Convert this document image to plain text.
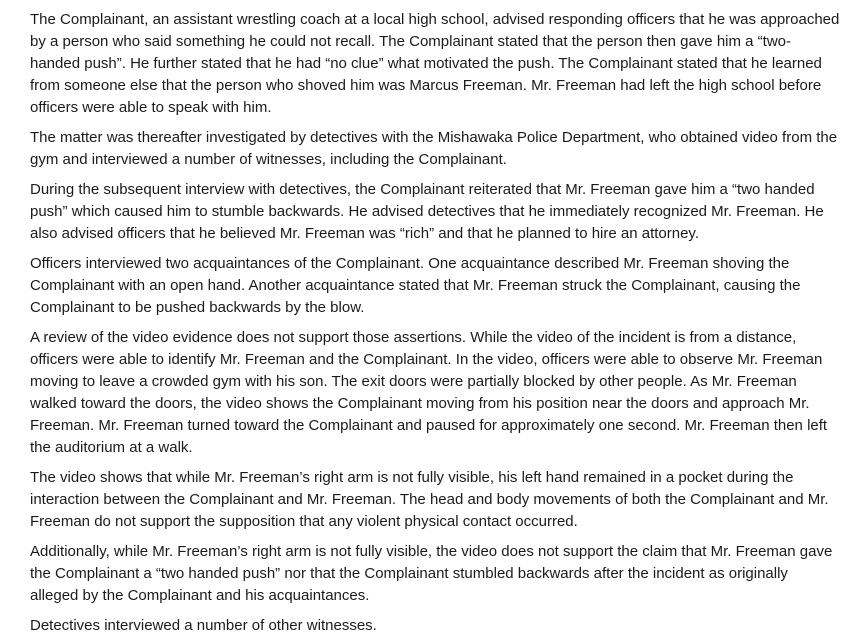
The Complainant, an assistant wrestling coach at a local high school, advised responding officers that he was approached by a person who said something he could not recall. The Complainant stated that the person then gave him a “two-handed push”. He further stated that he had “no clue” what motivated the push. The Complainant stated that he learned from someone else that the person who shoved him was Marcus Freeman. Mr. Freeman had left the high school before officers were able to speak with him.

The matter was thereafter investigated by detectives with the Mishawaka Police Department, who obtained video from the gym and interviewed a number of witnesses, including the Complainant.

During the subsequent interview with detectives, the Complainant reiterated that Mr. Freeman gave him a “two handed push” which caused him to stumble backwards. He advised detectives that he immediately recognized Mr. Freeman. He also advised officers that he believed Mr. Freeman was “rich” and that he planned to hire an attorney.

Officers interviewed two acquaintances of the Complainant. One acquaintance described Mr. Freeman shoving the Complainant with an open hand. Another acquaintance stated that Mr. Freeman struck the Complainant, causing the Complainant to be pushed backwards by the blow.

A review of the video evidence does not support those assertions. While the video of the incident is from a distance, officers were able to identify Mr. Freeman and the Complainant. In the video, officers were able to observe Mr. Freeman moving to leave a crowded gym with his son. The exit doors were partially blocked by other people. As Mr. Freeman walked toward the doors, the video shows the Complainant moving from his position near the doors and approach Mr. Freeman. Mr. Freeman turned toward the Complainant and paused for approximately one second. Mr. Freeman then left the auditorium at a walk.

The video shows that while Mr. Freeman’s right arm is not fully visible, his left hand remained in a pocket during the interaction between the Complainant and Mr. Freeman. The head and body movements of both the Complainant and Mr. Freeman do not support the supposition that any violent physical contact occurred.

Additionally, while Mr. Freeman’s right arm is not fully visible, the video does not support the claim that Mr. Freeman gave the Complainant a “two handed push” nor that the Complainant stumbled backwards after the incident as originally alleged by the Complainant and his acquaintances.

Detectives interviewed a number of other witnesses.
